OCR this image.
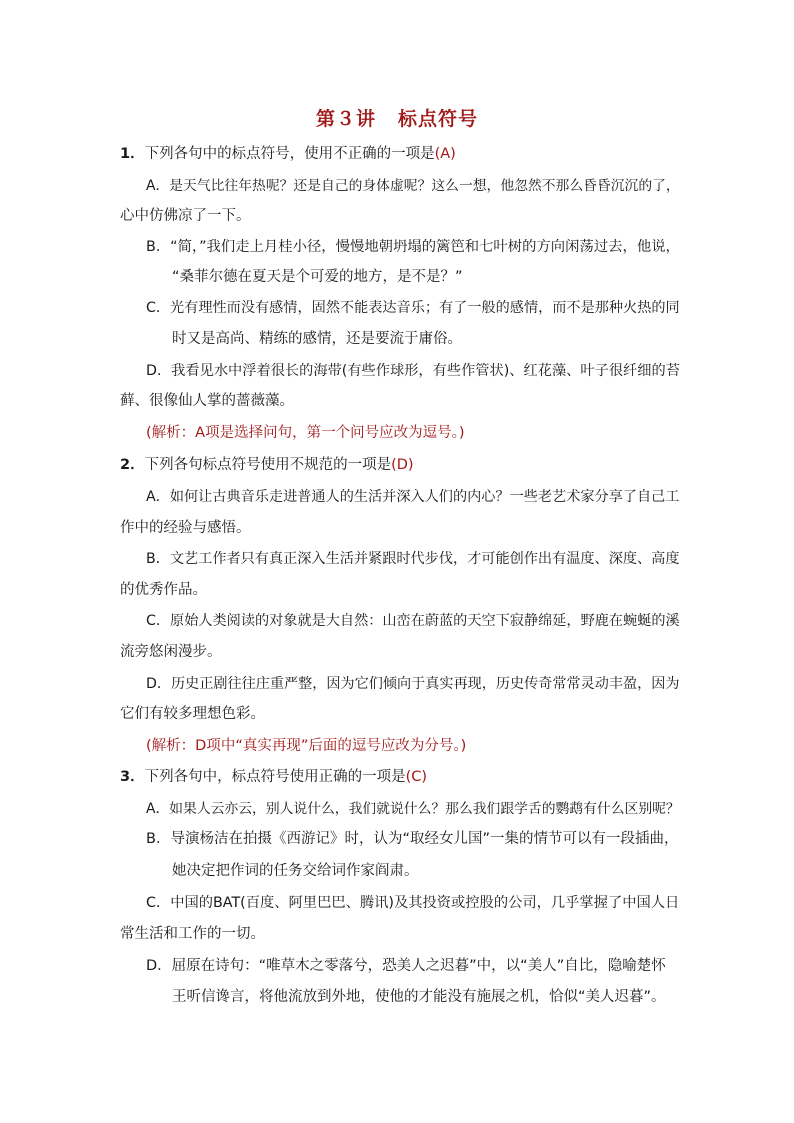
第３讲 标点符号
1．下列各句中的标点符号，使用不正确的一项是(A)
A．是天气比往年热呢？还是自己的身体虚呢？这么一想，他忽然不那么昏昏沉沉的了，
心中仿佛凉了一下。
B．“简，”我们走上月桂小径，慢慢地朝坍塌的篱笆和七叶树的方向闲荡过去，他说，
“桑菲尔德在夏天是个可爱的地方，是不是？”
C．光有理性而没有感情，固然不能表达音乐；有了一般的感情，而不是那种火热的同
时又是高尚、精练的感情，还是要流于庸俗。
D．我看见水中浮着很长的海带(有些作球形，有些作管状)、红花藻、叶子很纤细的苔
藓、很像仙人掌的蔷薇藻。
(解析：A项是选择问句，第一个问号应改为逗号。)
2．下列各句标点符号使用不规范的一项是(D)
A．如何让古典音乐走进普通人的生活并深入人们的内心？一些老艺术家分享了自己工
作中的经验与感悟。
B．文艺工作者只有真正深入生活并紧跟时代步伐，才可能创作出有温度、深度、高度
的优秀作品。
C．原始人类阅读的对象就是大自然：山峦在蔚蓝的天空下寂静绵延，野鹿在蜿蜒的溪
流旁悠闲漫步。
D．历史正剧往往庄重严整，因为它们倾向于真实再现，历史传奇常常灵动丰盈，因为
它们有较多理想色彩。
(解析：D项中“真实再现”后面的逗号应改为分号。)
3．下列各句中，标点符号使用正确的一项是(C)
A．如果人云亦云，别人说什么，我们就说什么？那么我们跟学舌的鹦鹉有什么区别呢？
B．导演杨洁在拍摄《西游记》时，认为“取经女儿国”一集的情节可以有一段插曲，
她决定把作词的任务交给词作家阎肃。
C．中国的BAT(百度、阿里巴巴、腾讯)及其投资或控股的公司，几乎掌握了中国人日
常生活和工作的一切。
D．屈原在诗句：“唯草木之零落兮，恐美人之迟暮”中，以“美人”自比，隐喻楚怀
王听信谗言，将他流放到外地，使他的才能没有施展之机，恰似“美人迟暮”。
